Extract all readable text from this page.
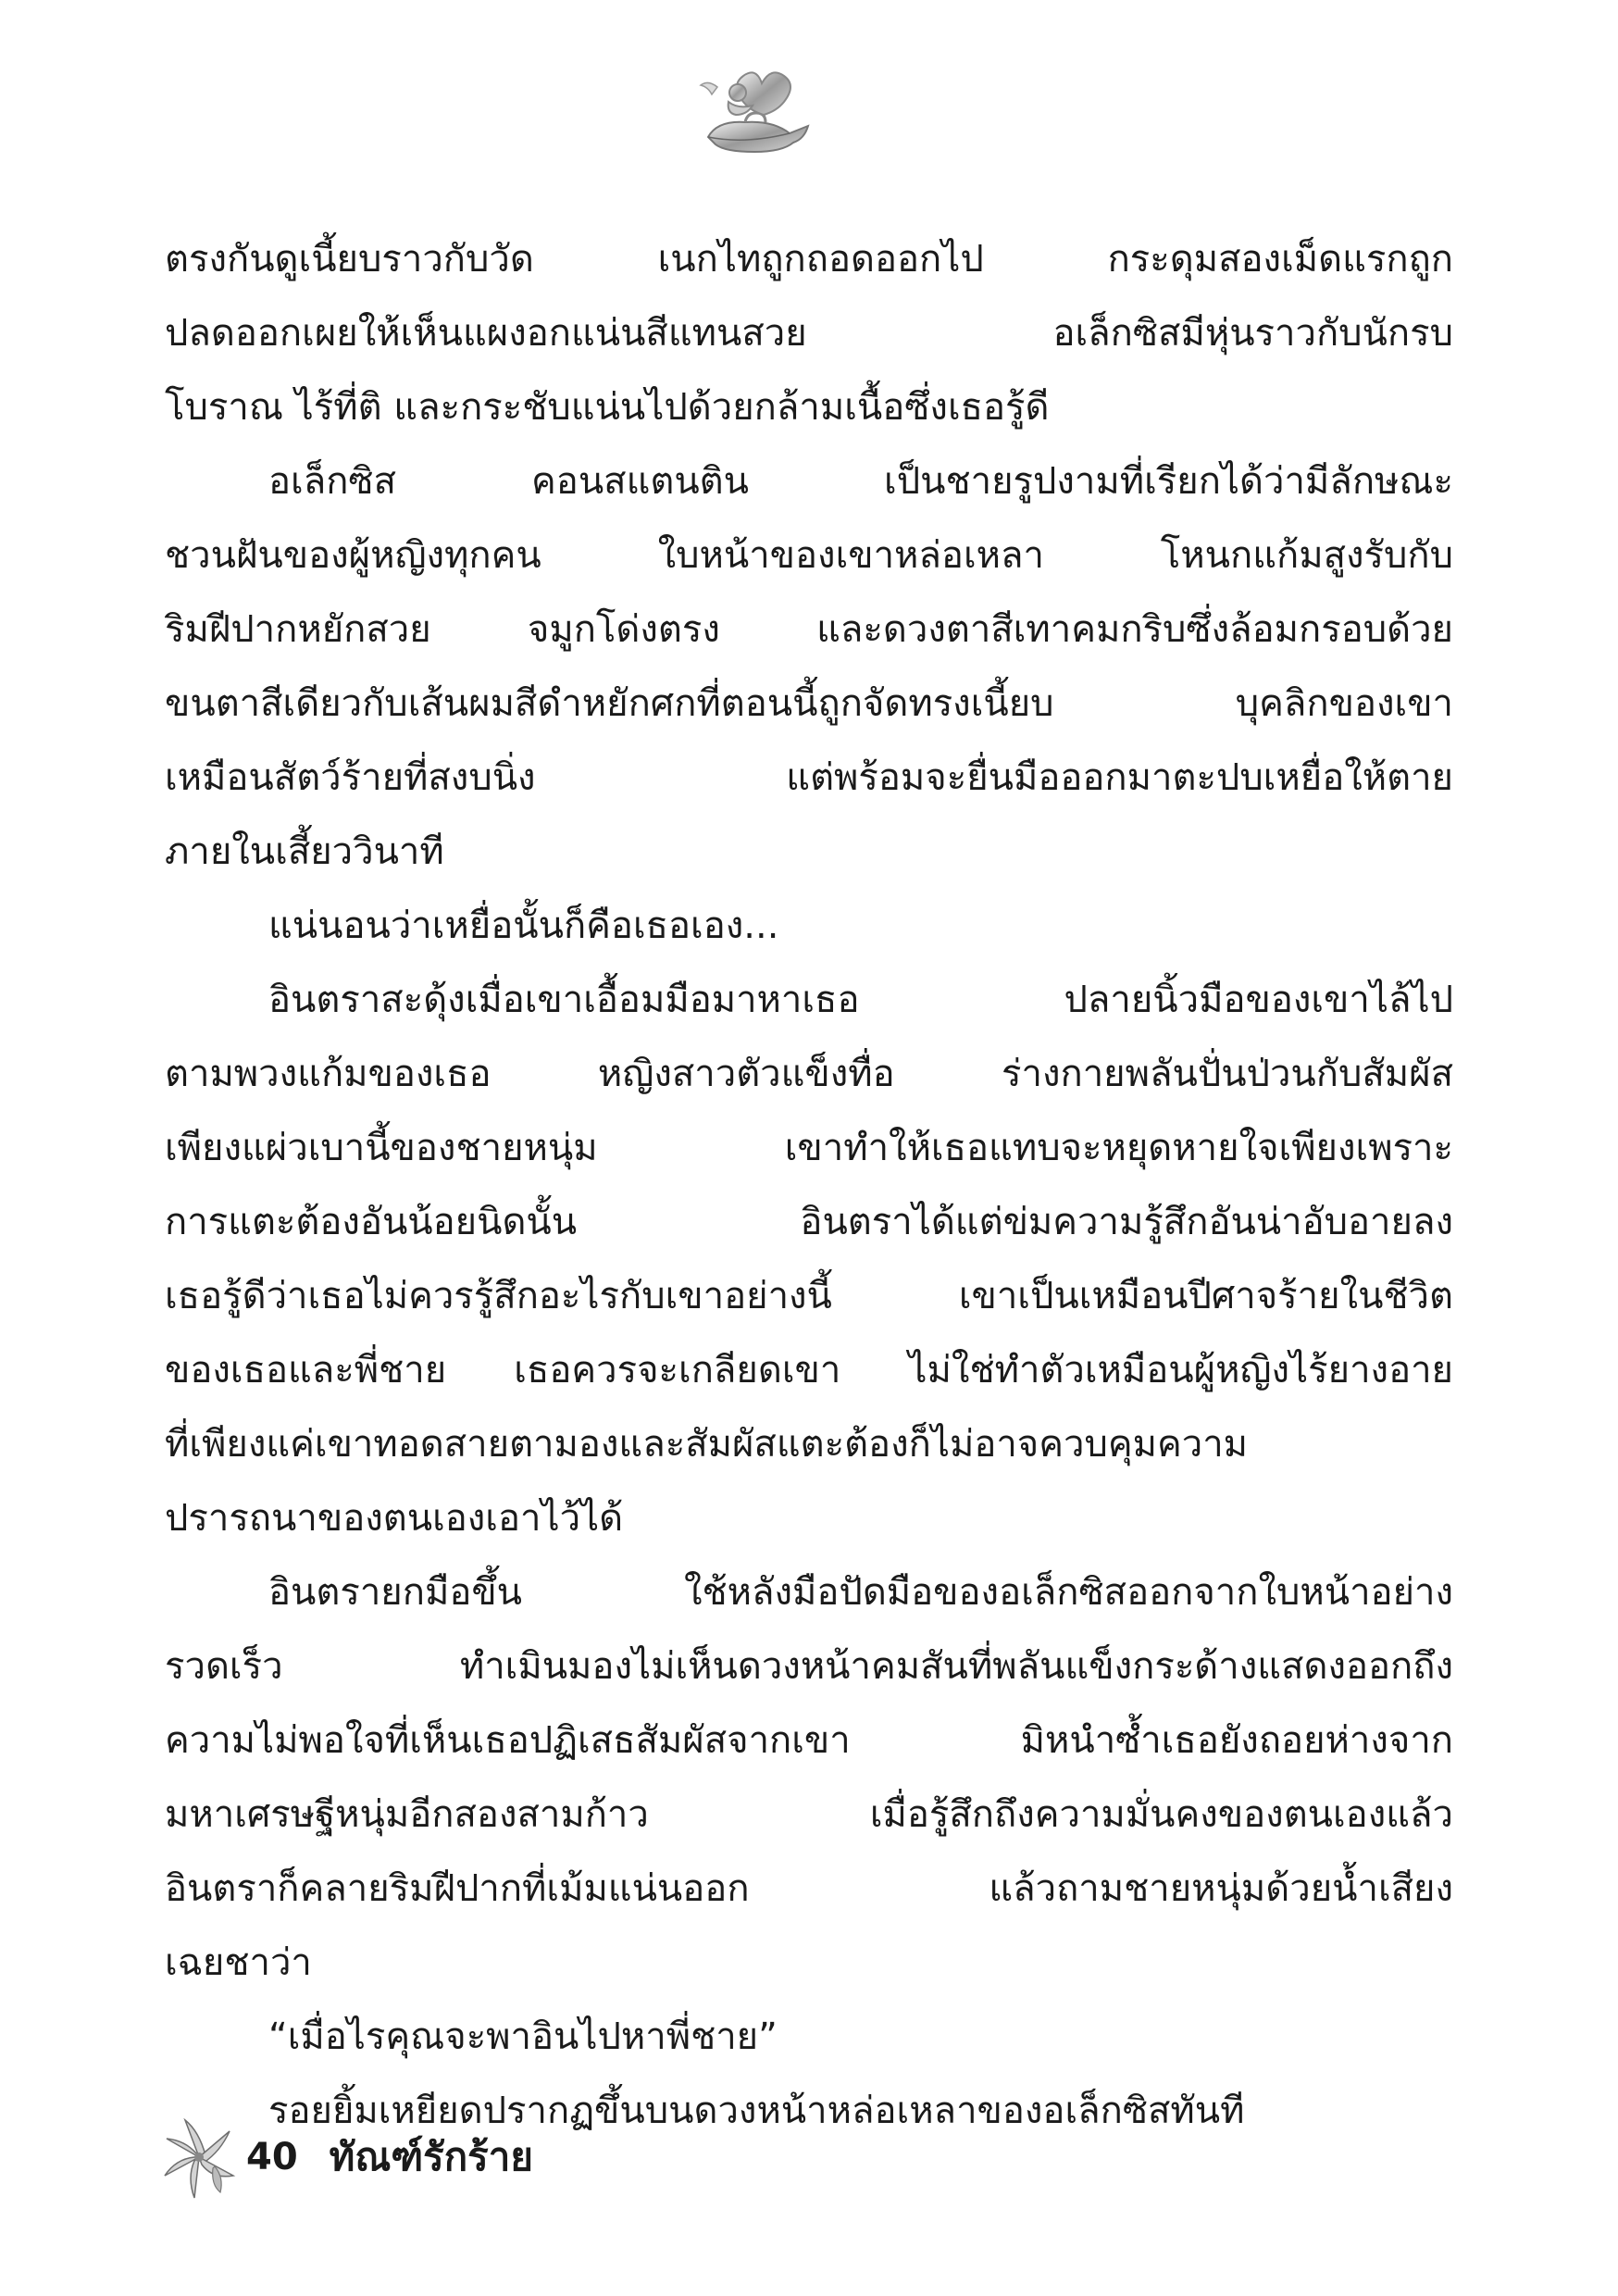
ตรงกันดูเนี้ยบราวกับวัด เนกไทถูกถอดออกไป กระดุมสองเม็ดแรกถูก
ปลดออกเผยให้เห็นแผงอกแน่นสีแทนสวย อเล็กซิสมีหุ่นราวกับนักรบ
โบราณ ไร้ที่ติ และกระชับแน่นไปด้วยกล้ามเนื้อซึ่งเธอรู้ดี

อเล็กซิส คอนสแตนติน เป็นชายรูปงามที่เรียกได้ว่ามีลักษณะ
ชวนฝันของผู้หญิงทุกคน ใบหน้าของเขาหล่อเหลา โหนกแก้มสูงรับกับ
ริมฝีปากหยักสวย จมูกโด่งตรง และดวงตาสีเทาคมกริบซึ่งล้อมกรอบด้วย
ขนตาสีเดียวกับเส้นผมสีดำหยักศกที่ตอนนี้ถูกจัดทรงเนี้ยบ บุคลิกของเขา
เหมือนสัตว์ร้ายที่สงบนิ่ง แต่พร้อมจะยื่นมือออกมาตะปบเหยื่อให้ตาย
ภายในเสี้ยววินาที

แน่นอนว่าเหยื่อนั้นก็คือเธอเอง...

อินตราสะดุ้งเมื่อเขาเอื้อมมือมาหาเธอ ปลายนิ้วมือของเขาไล้ไป
ตามพวงแก้มของเธอ หญิงสาวตัวแข็งทื่อ ร่างกายพลันปั่นป่วนกับสัมผัส
เพียงแผ่วเบานี้ของชายหนุ่ม เขาทำให้เธอแทบจะหยุดหายใจเพียงเพราะ
การแตะต้องอันน้อยนิดนั้น อินตราได้แต่ข่มความรู้สึกอันน่าอับอายลง
เธอรู้ดีว่าเธอไม่ควรรู้สึกอะไรกับเขาอย่างนี้ เขาเป็นเหมือนปีศาจร้ายในชีวิต
ของเธอและพี่ชาย เธอควรจะเกลียดเขา ไม่ใช่ทำตัวเหมือนผู้หญิงไร้ยางอาย
ที่เพียงแค่เขาทอดสายตามองและสัมผัสแตะต้องก็ไม่อาจควบคุมความ
ปรารถนาของตนเองเอาไว้ได้

อินตรายกมือขึ้น ใช้หลังมือปัดมือของอเล็กซิสออกจากใบหน้าอย่าง
รวดเร็ว ทำเมินมองไม่เห็นดวงหน้าคมสันที่พลันแข็งกระด้างแสดงออกถึง
ความไม่พอใจที่เห็นเธอปฏิเสธสัมผัสจากเขา มิหนำซ้ำเธอยังถอยห่างจาก
มหาเศรษฐีหนุ่มอีกสองสามก้าว เมื่อรู้สึกถึงความมั่นคงของตนเองแล้ว
อินตราก็คลายริมฝีปากที่เม้มแน่นออก แล้วถามชายหนุ่มด้วยน้ำเสียง
เฉยชาว่า

“เมื่อไรคุณจะพาอินไปหาพี่ชาย”

รอยยิ้มเหยียดปรากฏขึ้นบนดวงหน้าหล่อเหลาของอเล็กซิสทันที

40 ทัณฑ์รักร้าย
